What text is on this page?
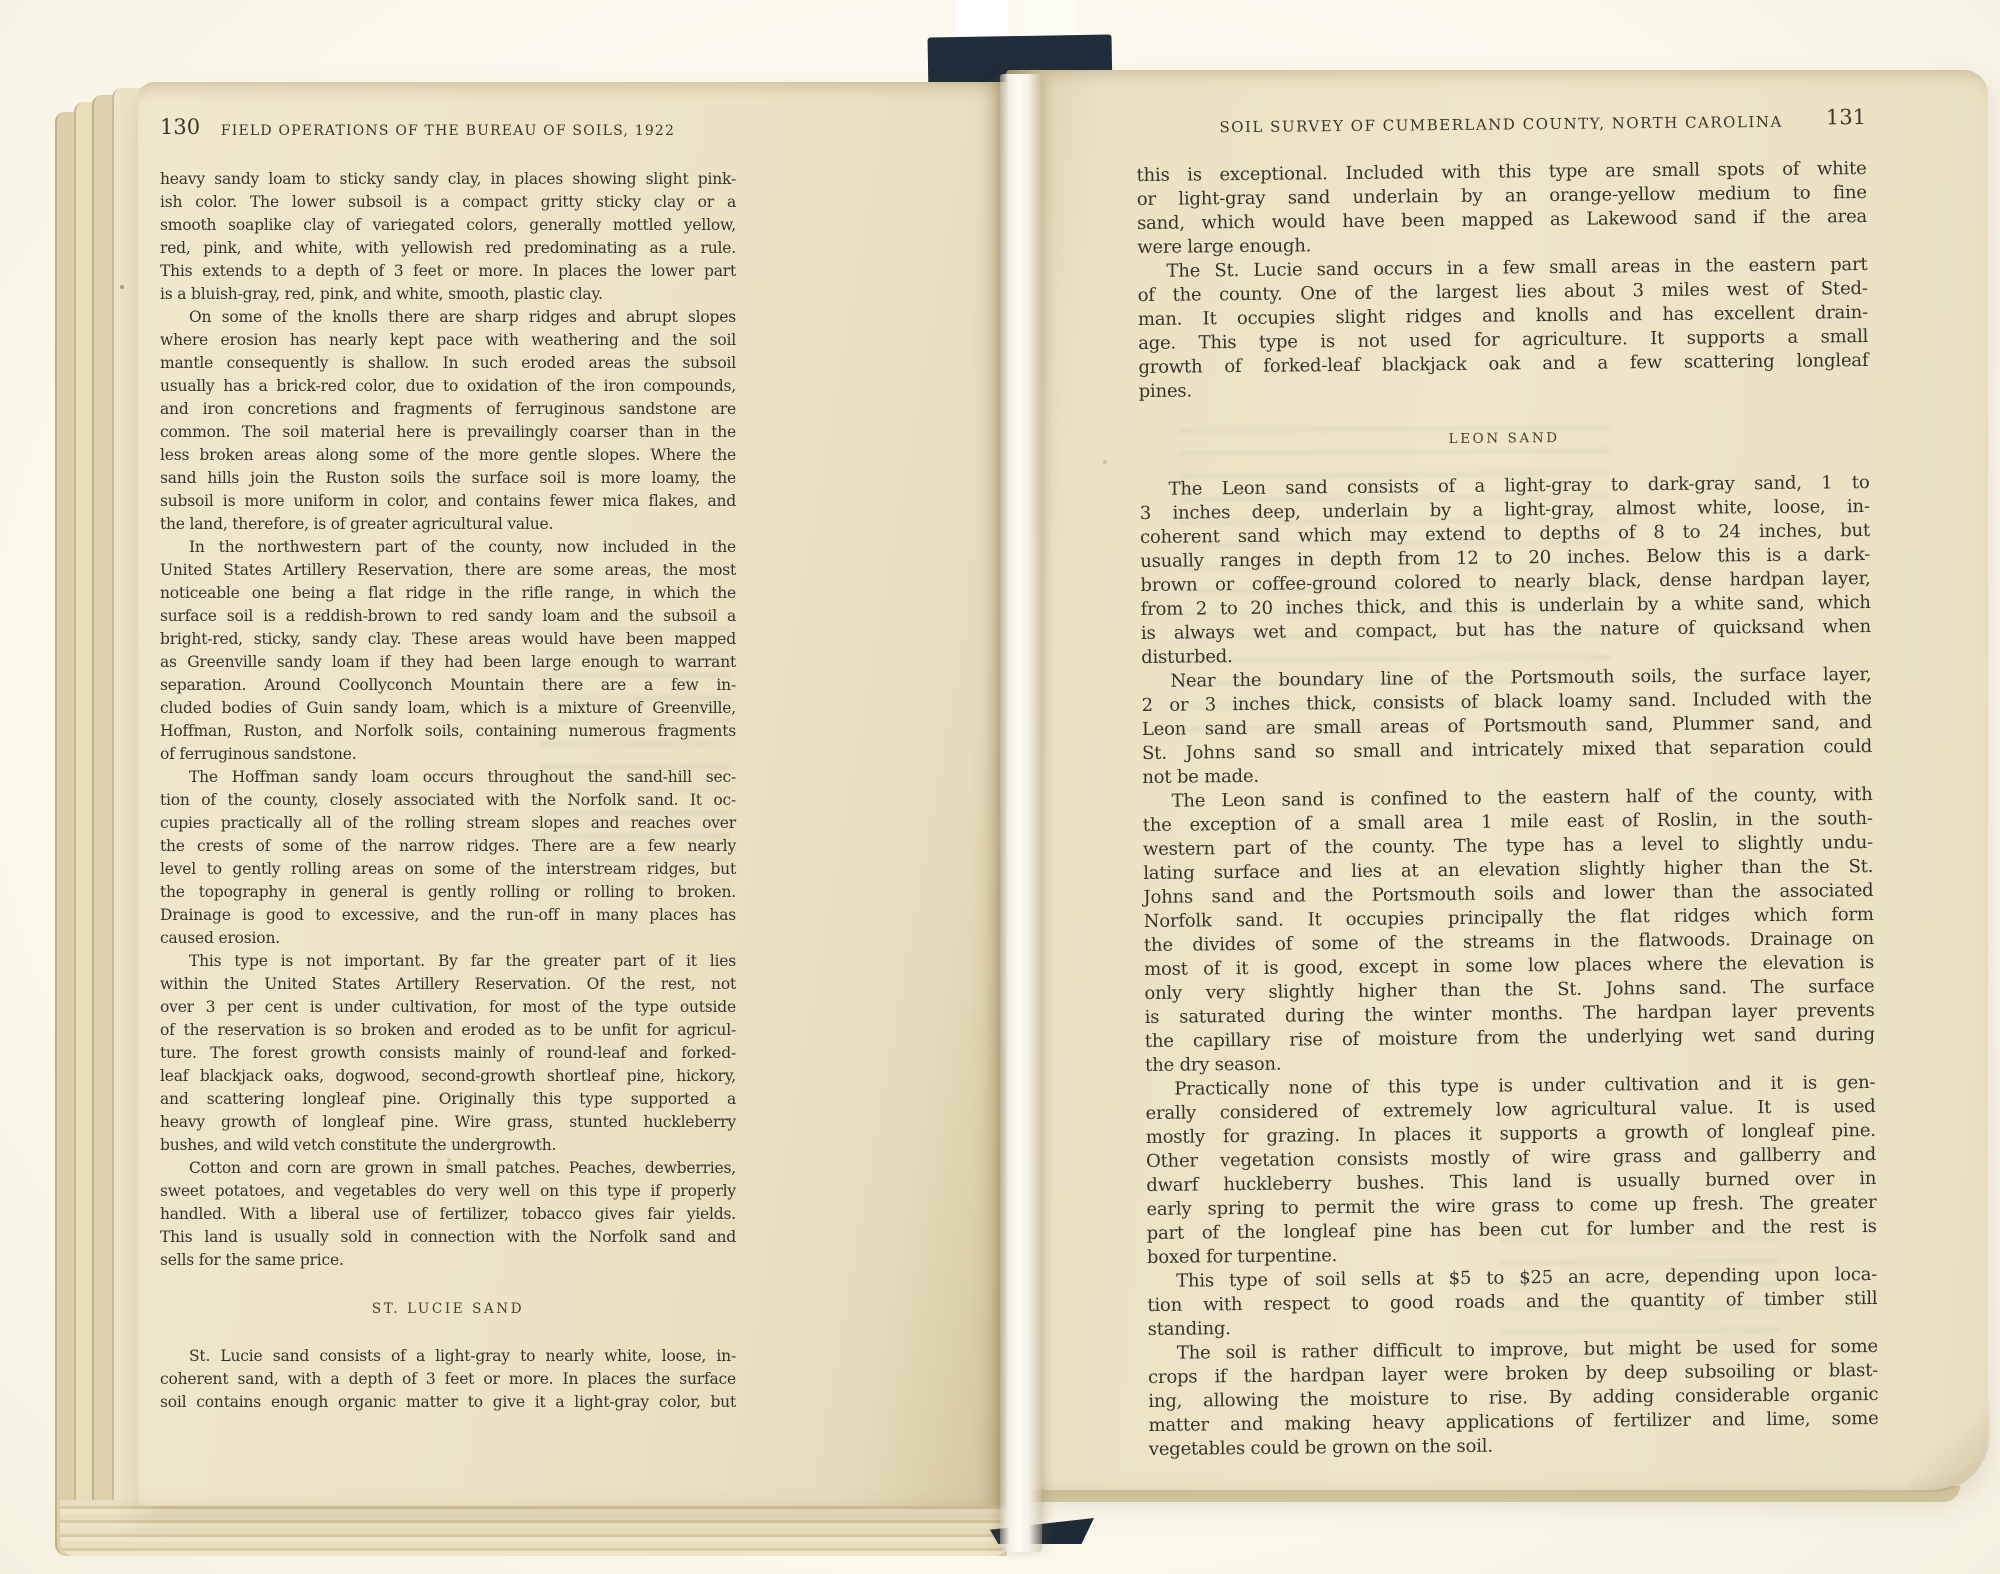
130 FIELD OPERATIONS OF THE BUREAU OF SOILS, 1922
heavy sandy loam to sticky sandy clay, in places showing slight pink-
ish color. The lower subsoil is a compact gritty sticky clay or a
smooth soaplike clay of variegated colors, generally mottled yellow,
red, pink, and white, with yellowish red predominating as a rule.
This extends to a depth of 3 feet or more. In places the lower part
is a bluish-gray, red, pink, and white, smooth, plastic clay.
On some of the knolls there are sharp ridges and abrupt slopes
where erosion has nearly kept pace with weathering and the soil
mantle consequently is shallow. In such eroded areas the subsoil
usually has a brick-red color, due to oxidation of the iron compounds,
and iron concretions and fragments of ferruginous sandstone are
common. The soil material here is prevailingly coarser than in the
less broken areas along some of the more gentle slopes. Where the
sand hills join the Ruston soils the surface soil is more loamy, the
subsoil is more uniform in color, and contains fewer mica flakes, and
the land, therefore, is of greater agricultural value.
In the northwestern part of the county, now included in the
United States Artillery Reservation, there are some areas, the most
noticeable one being a flat ridge in the rifle range, in which the
surface soil is a reddish-brown to red sandy loam and the subsoil a
bright-red, sticky, sandy clay. These areas would have been mapped
as Greenville sandy loam if they had been large enough to warrant
separation. Around Coollyconch Mountain there are a few in-
cluded bodies of Guin sandy loam, which is a mixture of Greenville,
Hoffman, Ruston, and Norfolk soils, containing numerous fragments
of ferruginous sandstone.
The Hoffman sandy loam occurs throughout the sand-hill sec-
tion of the county, closely associated with the Norfolk sand. It oc-
cupies practically all of the rolling stream slopes and reaches over
the crests of some of the narrow ridges. There are a few nearly
level to gently rolling areas on some of the interstream ridges, but
the topography in general is gently rolling or rolling to broken.
Drainage is good to excessive, and the run-off in many places has
caused erosion.
This type is not important. By far the greater part of it lies
within the United States Artillery Reservation. Of the rest, not
over 3 per cent is under cultivation, for most of the type outside
of the reservation is so broken and eroded as to be unfit for agricul-
ture. The forest growth consists mainly of round-leaf and forked-
leaf blackjack oaks, dogwood, second-growth shortleaf pine, hickory,
and scattering longleaf pine. Originally this type supported a
heavy growth of longleaf pine. Wire grass, stunted huckleberry
bushes, and wild vetch constitute the undergrowth.
Cotton and corn are grown in small patches. Peaches, dewberries,
sweet potatoes, and vegetables do very well on this type if properly
handled. With a liberal use of fertilizer, tobacco gives fair yields.
This land is usually sold in connection with the Norfolk sand and
sells for the same price.
ST. LUCIE SAND
St. Lucie sand consists of a light-gray to nearly white, loose, in-
coherent sand, with a depth of 3 feet or more. In places the surface
soil contains enough organic matter to give it a light-gray color, but
SOIL SURVEY OF CUMBERLAND COUNTY, NORTH CAROLINA 131
this is exceptional. Included with this type are small spots of white
or light-gray sand underlain by an orange-yellow medium to fine
sand, which would have been mapped as Lakewood sand if the area
were large enough.
The St. Lucie sand occurs in a few small areas in the eastern part
of the county. One of the largest lies about 3 miles west of Sted-
man. It occupies slight ridges and knolls and has excellent drain-
age. This type is not used for agriculture. It supports a small
growth of forked-leaf blackjack oak and a few scattering longleaf
pines.
LEON SAND
The Leon sand consists of a light-gray to dark-gray sand, 1 to
3 inches deep, underlain by a light-gray, almost white, loose, in-
coherent sand which may extend to depths of 8 to 24 inches, but
usually ranges in depth from 12 to 20 inches. Below this is a dark-
brown or coffee-ground colored to nearly black, dense hardpan layer,
from 2 to 20 inches thick, and this is underlain by a white sand, which
is always wet and compact, but has the nature of quicksand when
disturbed.
Near the boundary line of the Portsmouth soils, the surface layer,
2 or 3 inches thick, consists of black loamy sand. Included with the
Leon sand are small areas of Portsmouth sand, Plummer sand, and
St. Johns sand so small and intricately mixed that separation could
not be made.
The Leon sand is confined to the eastern half of the county, with
the exception of a small area 1 mile east of Roslin, in the south-
western part of the county. The type has a level to slightly undu-
lating surface and lies at an elevation slightly higher than the St.
Johns sand and the Portsmouth soils and lower than the associated
Norfolk sand. It occupies principally the flat ridges which form
the divides of some of the streams in the flatwoods. Drainage on
most of it is good, except in some low places where the elevation is
only very slightly higher than the St. Johns sand. The surface
is saturated during the winter months. The hardpan layer prevents
the capillary rise of moisture from the underlying wet sand during
the dry season.
Practically none of this type is under cultivation and it is gen-
erally considered of extremely low agricultural value. It is used
mostly for grazing. In places it supports a growth of longleaf pine.
Other vegetation consists mostly of wire grass and gallberry and
dwarf huckleberry bushes. This land is usually burned over in
early spring to permit the wire grass to come up fresh. The greater
part of the longleaf pine has been cut for lumber and the rest is
boxed for turpentine.
This type of soil sells at $5 to $25 an acre, depending upon loca-
tion with respect to good roads and the quantity of timber still
standing.
The soil is rather difficult to improve, but might be used for some
crops if the hardpan layer were broken by deep subsoiling or blast-
ing, allowing the moisture to rise. By adding considerable organic
matter and making heavy applications of fertilizer and lime, some
vegetables could be grown on the soil.
